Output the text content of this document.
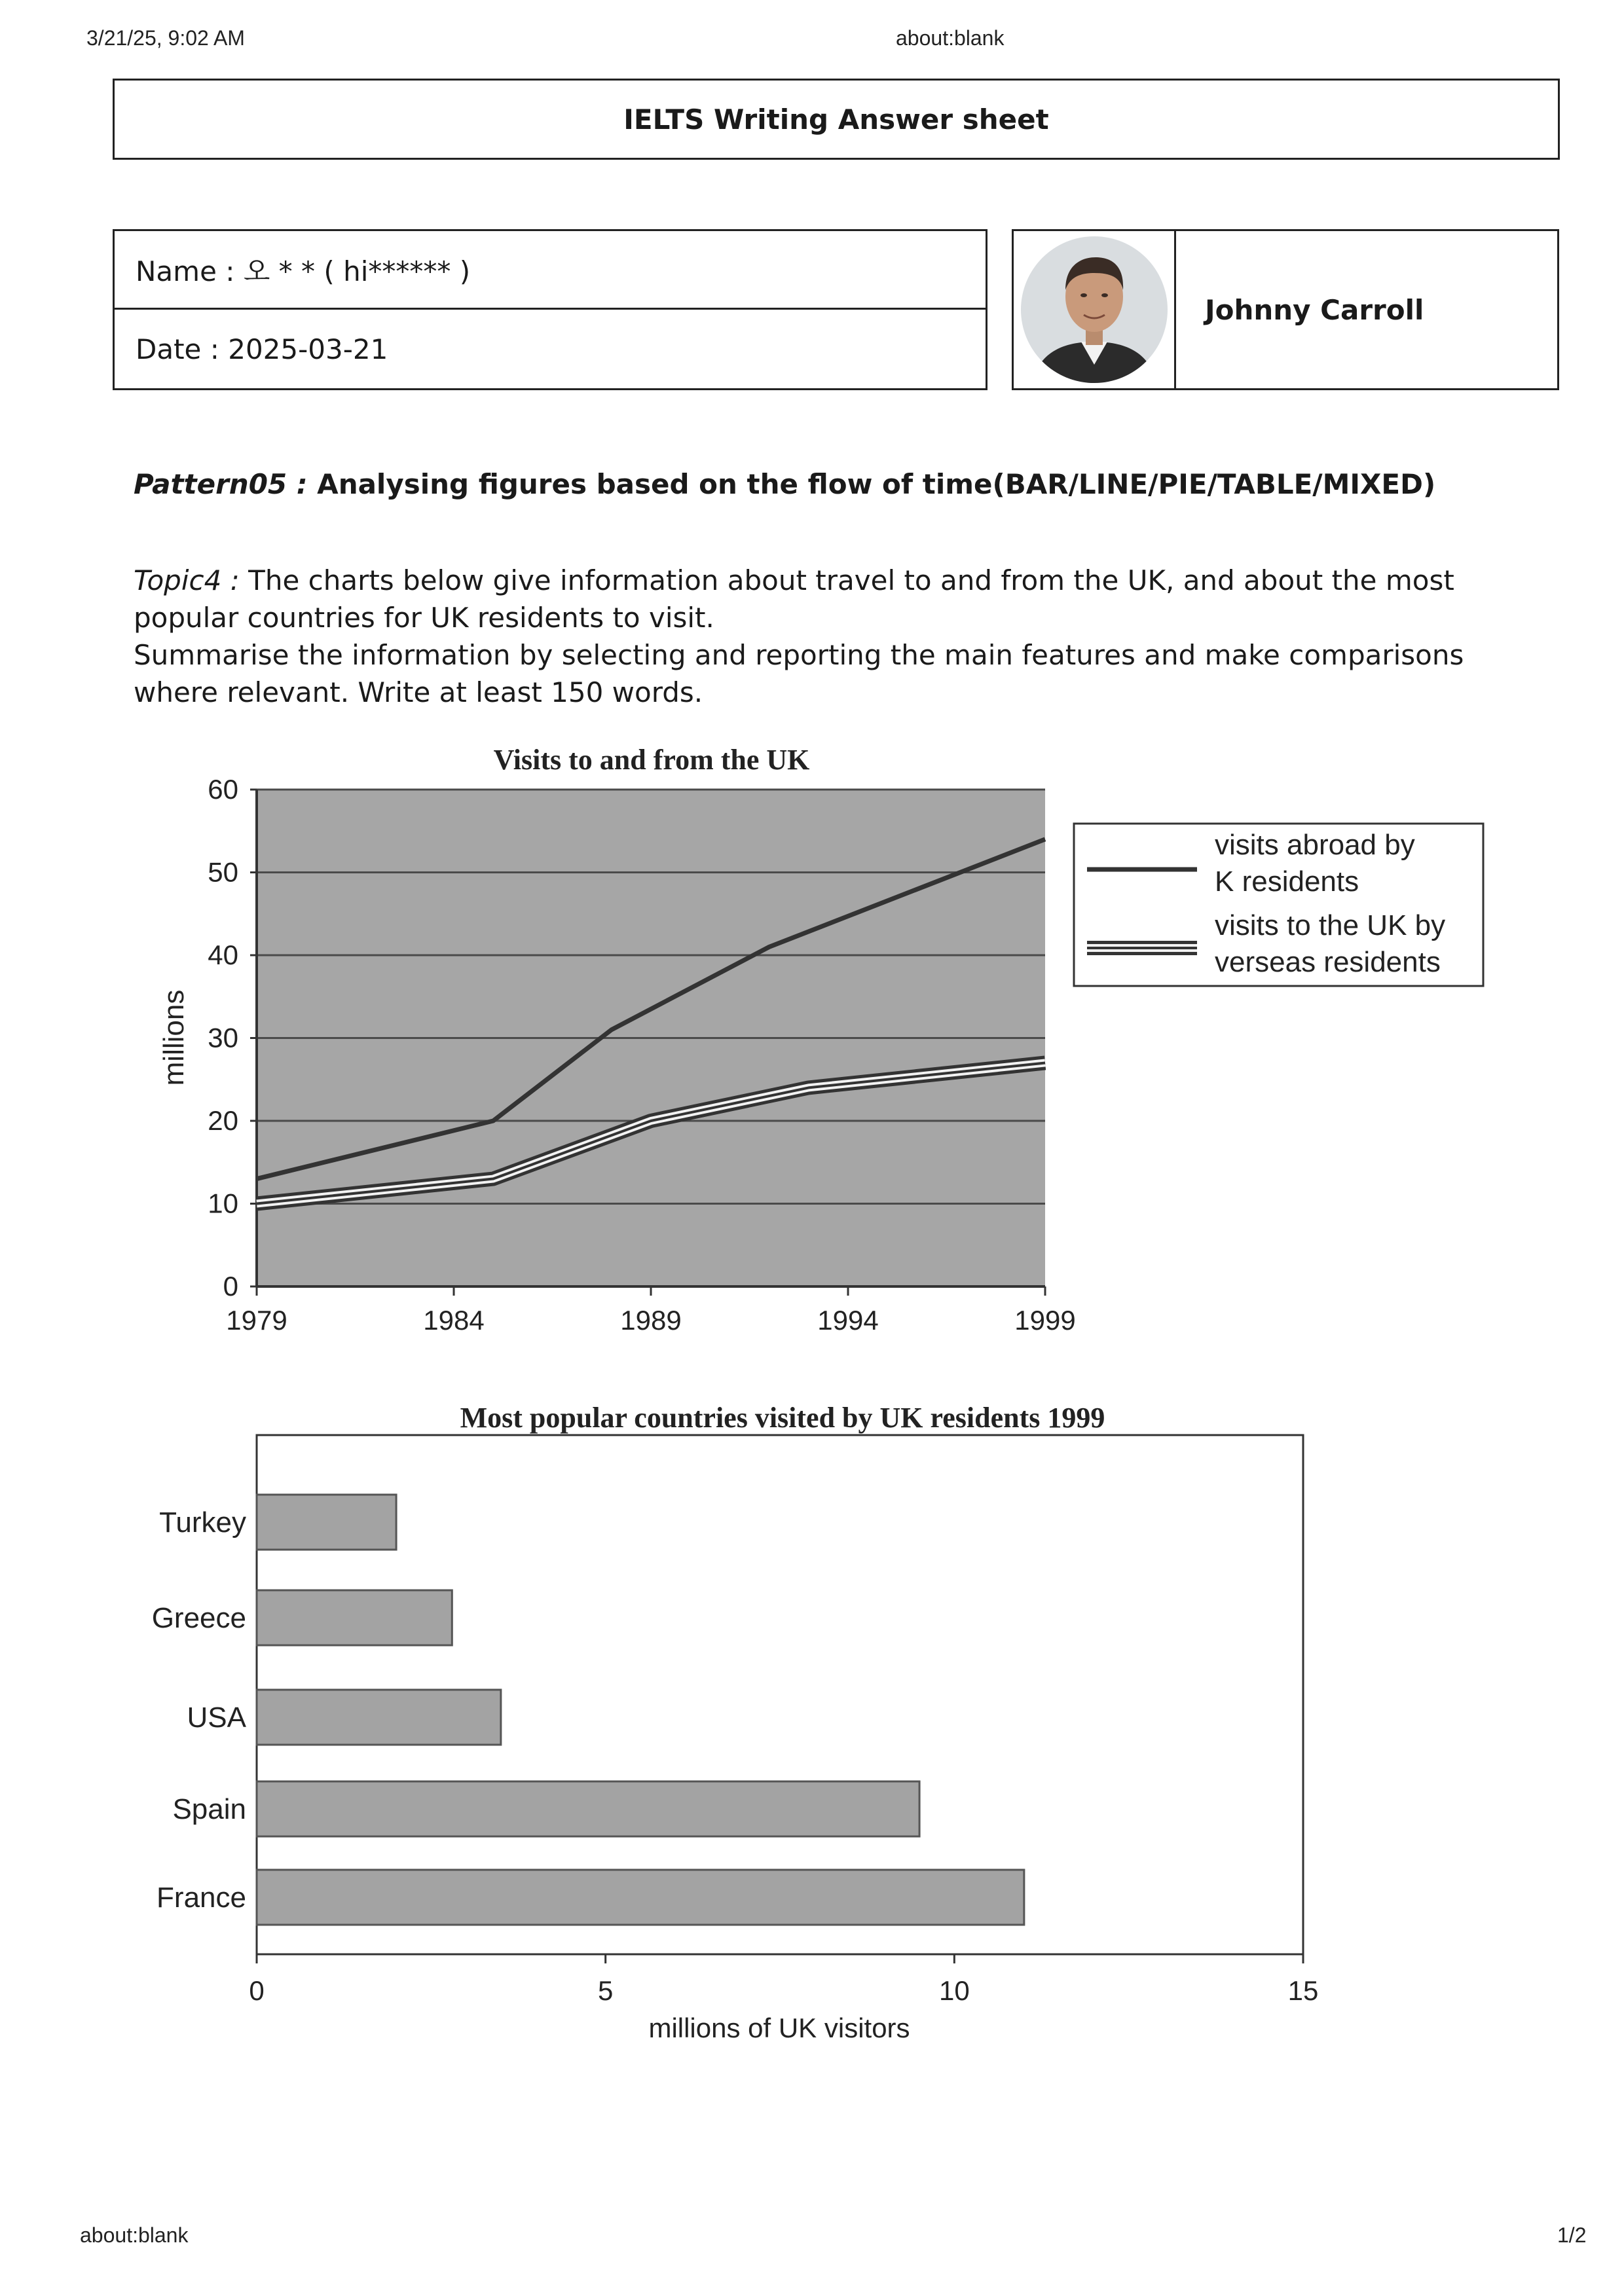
3/21/25, 9:02 AM	about:blank
IELTS Writing Answer sheet
Name : 오 * * ( hi****** )
Date : 2025-03-21
Johnny Carroll
Pattern05 : Analysing figures based on the flow of time(BAR/LINE/PIE/TABLE/MIXED)
Topic4 : The charts below give information about travel to and from the UK, and about the most popular countries for UK residents to visit.
Summarise the information by selecting and reporting the main features and make comparisons where relevant. Write at least 150 words.
Visits to and from the UK
0
10
20
30
40
50
60
1979	1984	1989	1994	1999
millions
visits abroad by K residents
visits to the UK by verseas residents
Most popular countries visited by UK residents 1999
Turkey
Greece
USA
Spain
France
0	5	10	15
millions of UK visitors
about:blank	1/2
